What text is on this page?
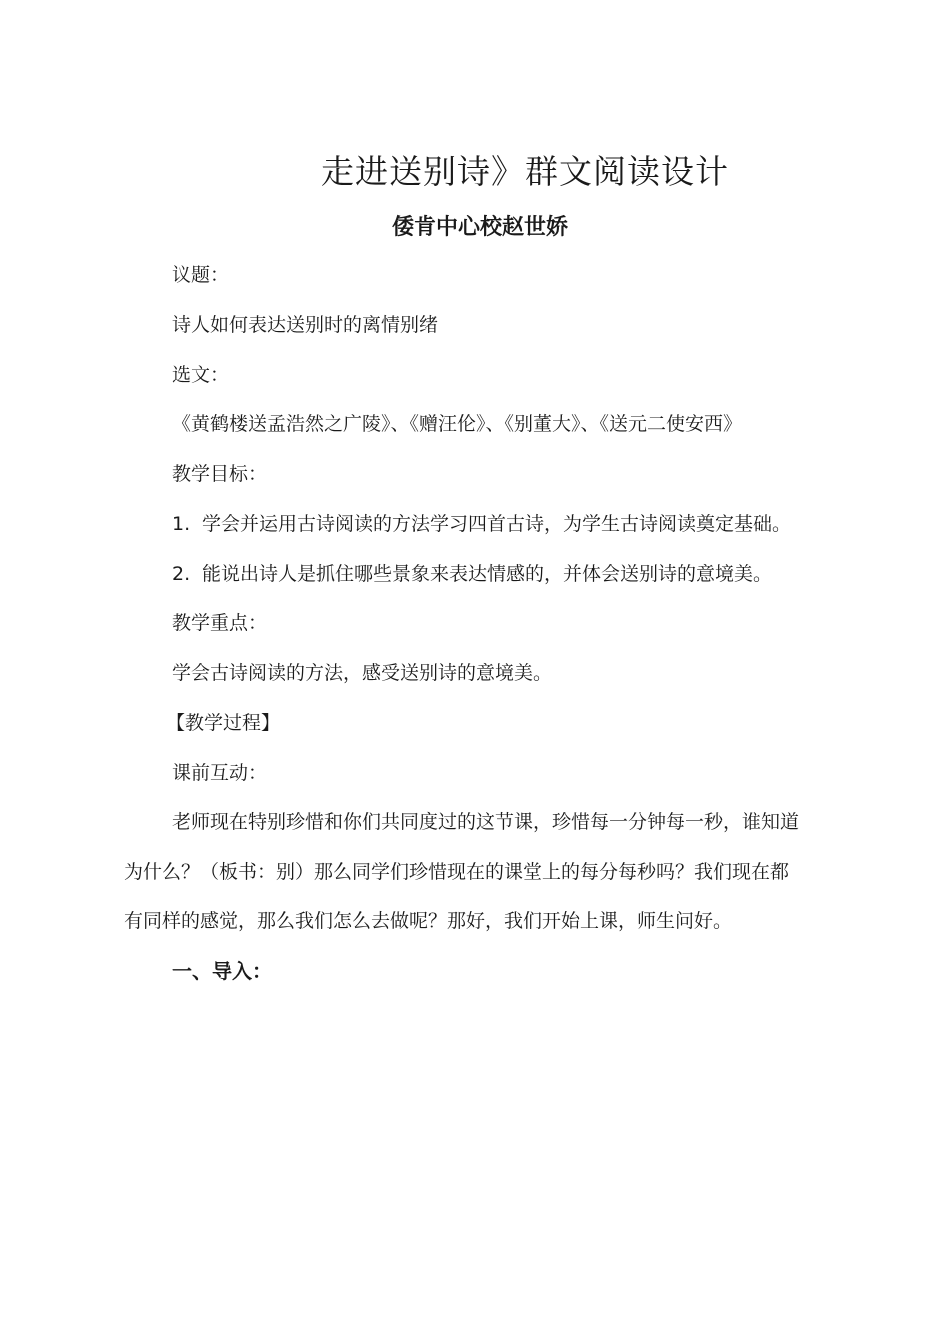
走进送别诗》群文阅读设计
倭肯中心校赵世娇
议题：
诗人如何表达送别时的离情别绪
选文：
《黄鹤楼送孟浩然之广陵》、《赠汪伦》、《别董大》、《送元二使安西》
教学目标：
1. 学会并运用古诗阅读的方法学习四首古诗，为学生古诗阅读奠定基础。
2. 能说出诗人是抓住哪些景象来表达情感的，并体会送别诗的意境美。
教学重点：
学会古诗阅读的方法，感受送别诗的意境美。
【教学过程】
课前互动：
老师现在特别珍惜和你们共同度过的这节课，珍惜每一分钟每一秒，谁知道
为什么？（板书：别）那么同学们珍惜现在的课堂上的每分每秒吗？我们现在都
有同样的感觉，那么我们怎么去做呢？那好，我们开始上课，师生问好。
一、导入：
